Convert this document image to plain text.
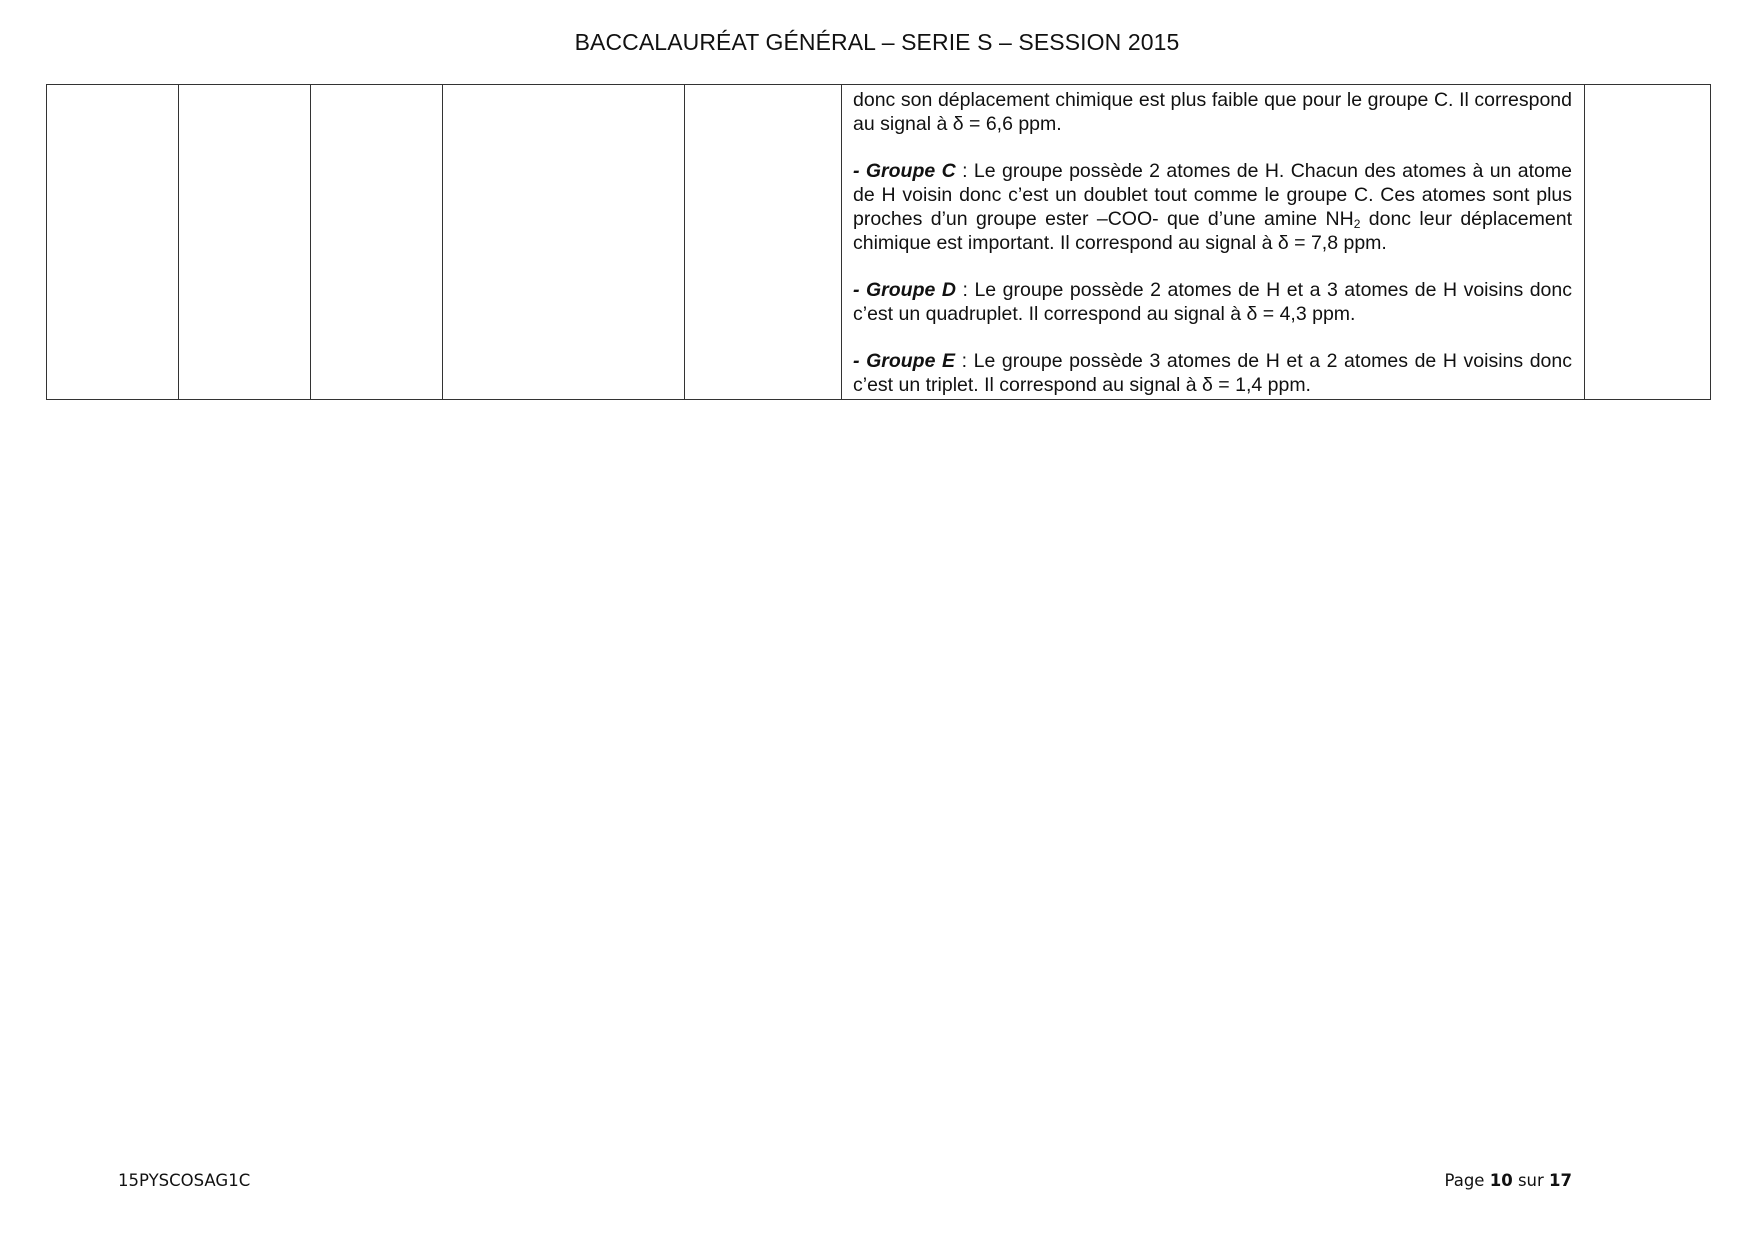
BACCALAURÉAT GÉNÉRAL – SERIE S – SESSION 2015

donc son déplacement chimique est plus faible que pour le groupe C. Il correspond au signal à δ = 6,6 ppm.

- Groupe C : Le groupe possède 2 atomes de H. Chacun des atomes à un atome de H voisin donc c’est un doublet tout comme le groupe C. Ces atomes sont plus proches d’un groupe ester –COO- que d’une amine $NH_2$ donc leur déplacement chimique est important. Il correspond au signal à δ = 7,8 ppm.

- Groupe D : Le groupe possède 2 atomes de H et a 3 atomes de H voisins donc c’est un quadruplet. Il correspond au signal à δ = 4,3 ppm.

- Groupe E : Le groupe possède 3 atomes de H et a 2 atomes de H voisins donc c’est un triplet. Il correspond au signal à δ = 1,4 ppm.

15PYSCOSAG1C	Page 10 sur 17
